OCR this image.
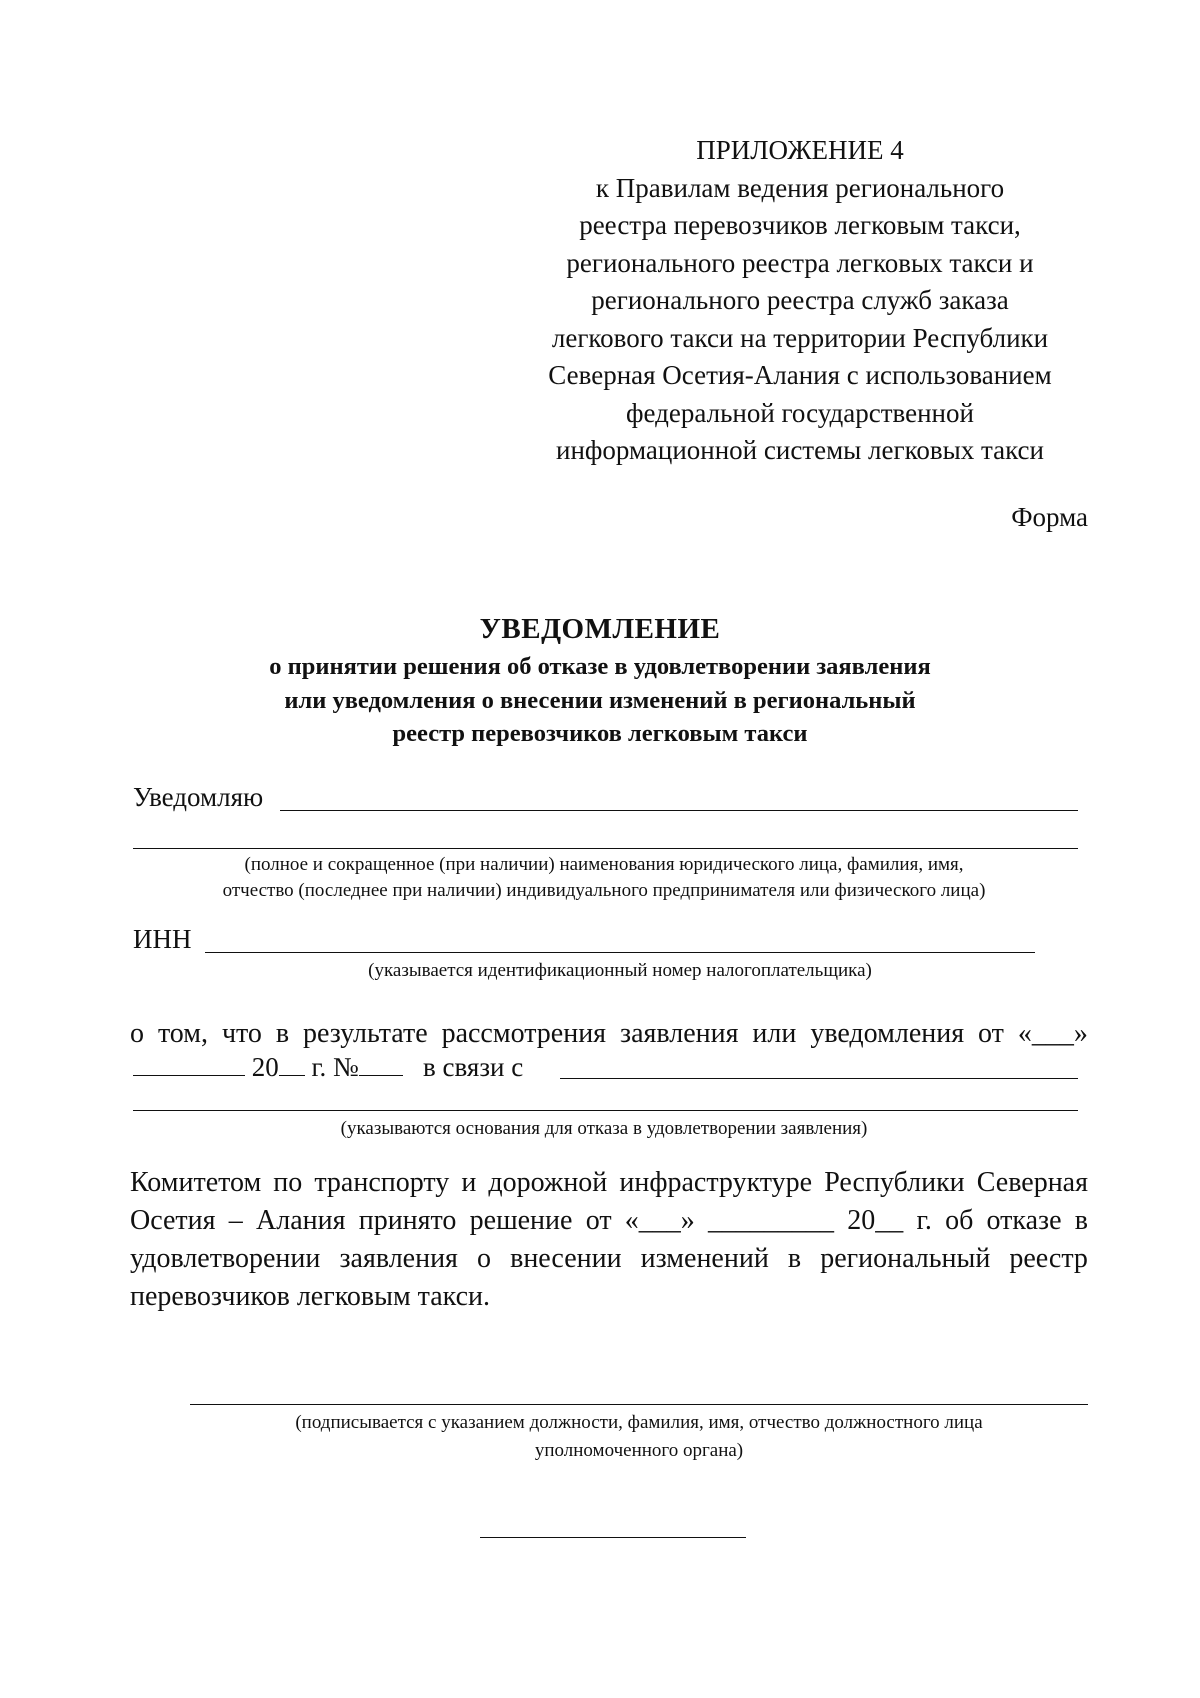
ПРИЛОЖЕНИЕ 4
к Правилам ведения регионального
реестра перевозчиков легковым такси,
регионального реестра легковых такси и
регионального реестра служб заказа
легкового такси на территории Республики
Северная Осетия-Алания с использованием
федеральной государственной
информационной системы легковых такси
Форма
УВЕДОМЛЕНИЕ
о принятии решения об отказе в удовлетворении заявления
или уведомления о внесении изменений в региональный
реестр перевозчиков легковым такси
Уведомляю
(полное и сокращенное (при наличии) наименования юридического лица, фамилия, имя,
отчество (последнее при наличии) индивидуального предпринимателя или физического лица)
ИНН
(указывается идентификационный номер налогоплательщика)
о том, что в результате рассмотрения заявления или уведомления от «___»
20 г. № в связи с
(указываются основания для отказа в удовлетворении заявления)
Комитетом по транспорту и дорожной инфраструктуре Республики Северная
Осетия – Алания принято решение от «___» _________ 20__ г. об отказе в
удовлетворении заявления о внесении изменений в региональный реестр
перевозчиков легковым такси.
(подписывается с указанием должности, фамилия, имя, отчество должностного лица
уполномоченного органа)
